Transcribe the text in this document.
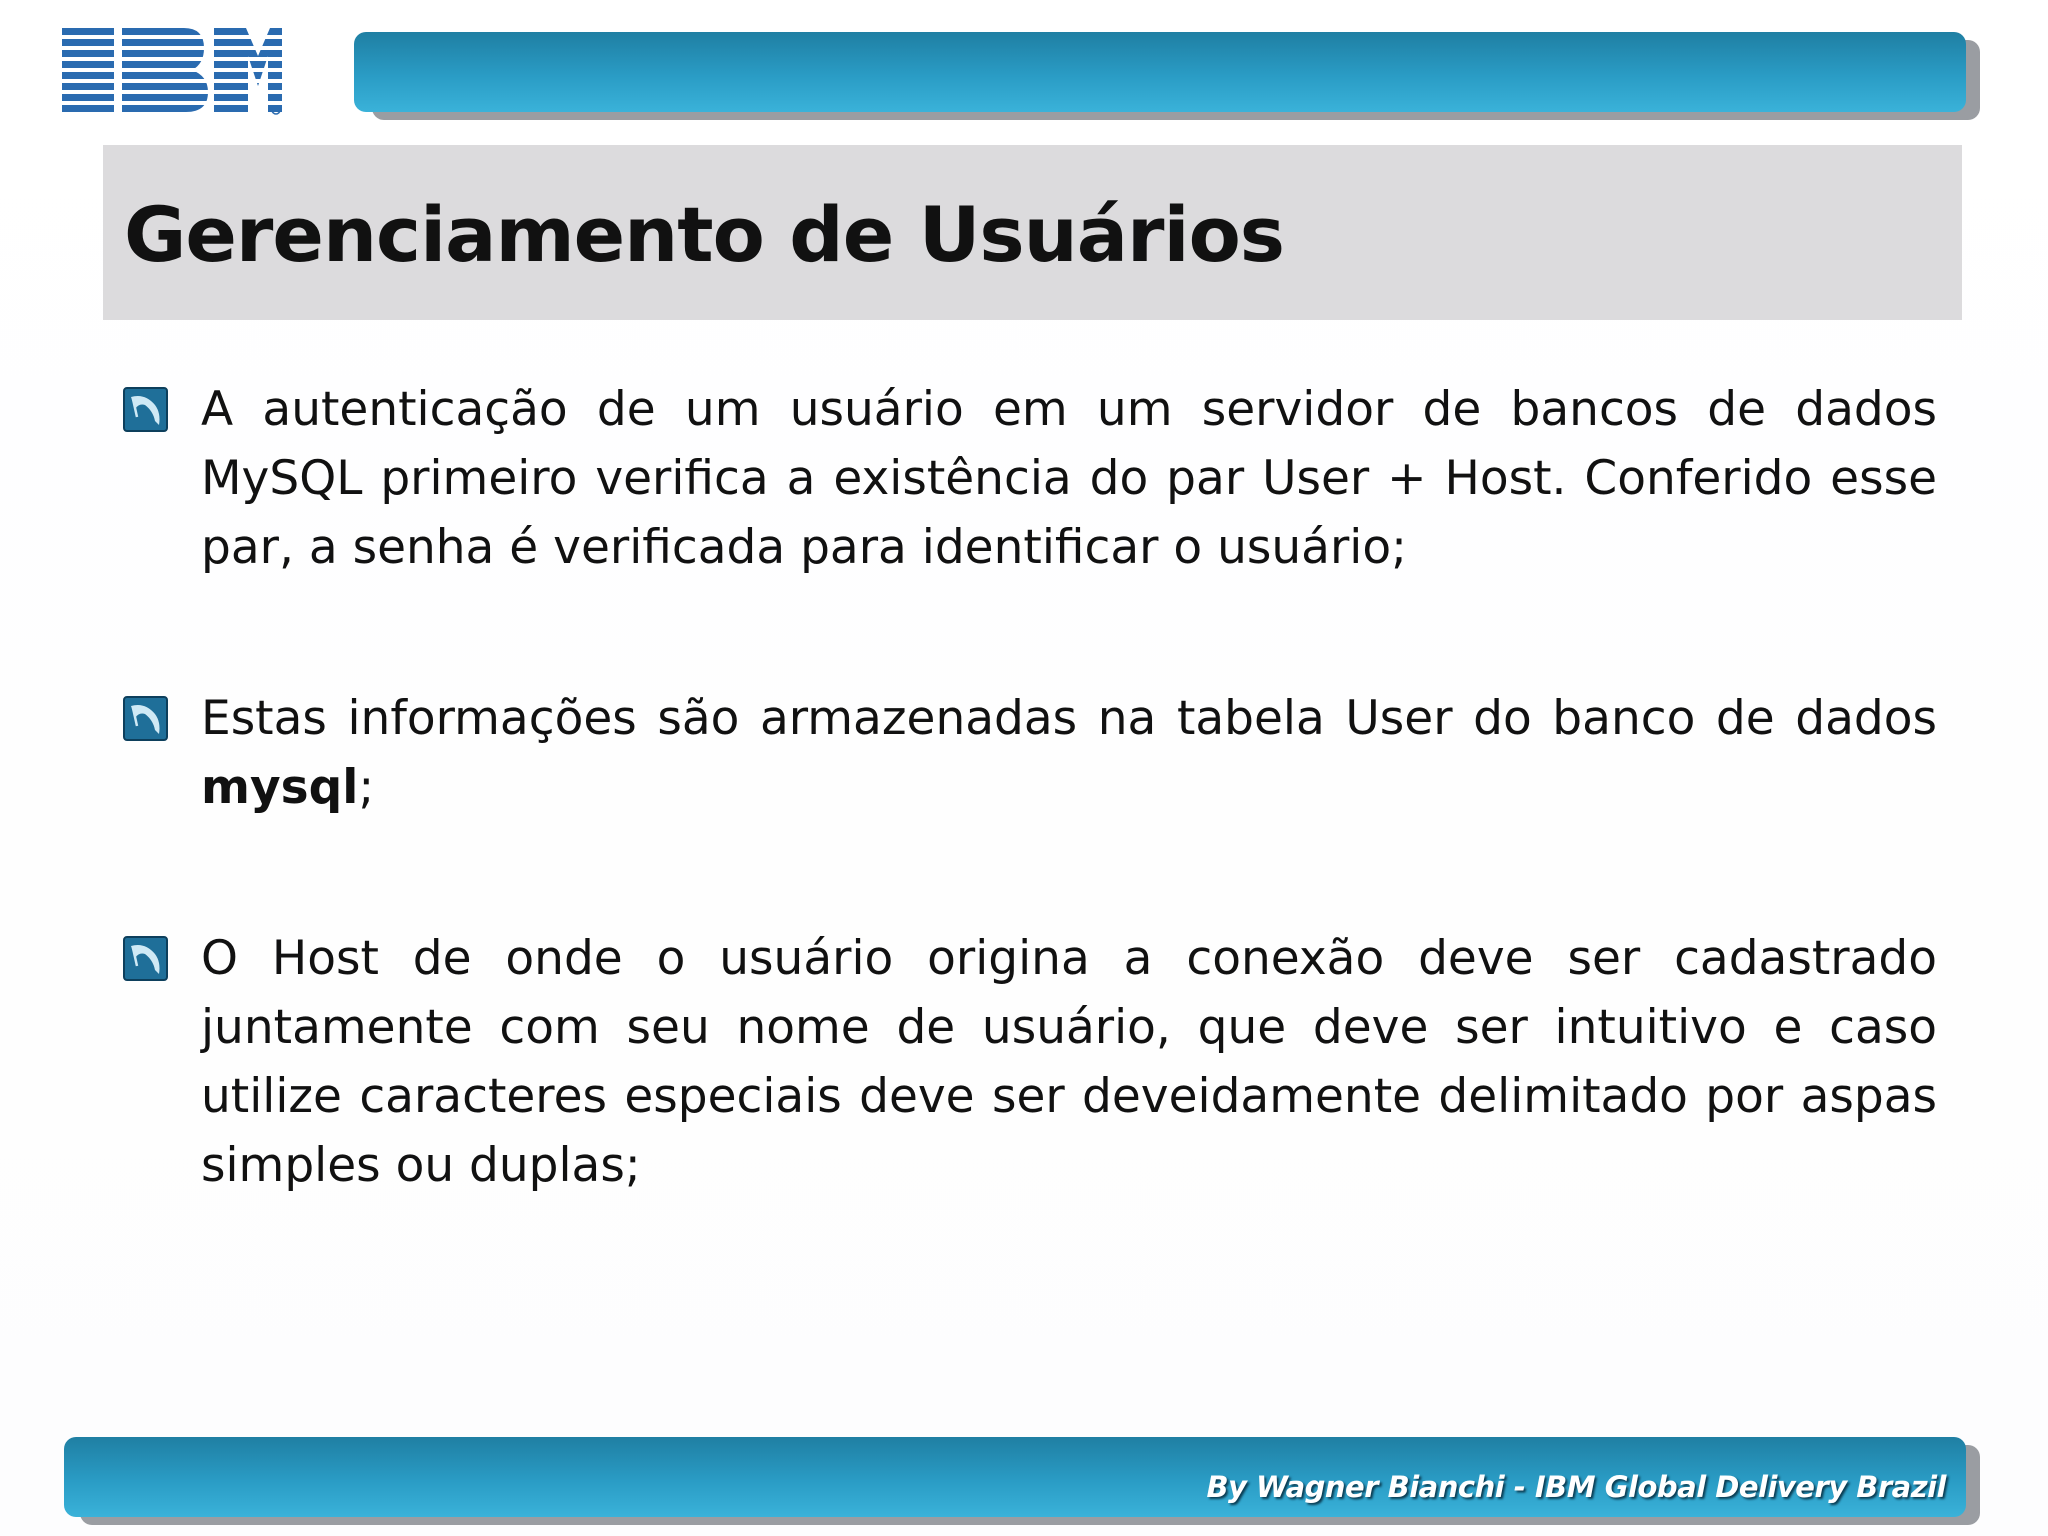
Gerenciamento de Usuários

A autenticação de um usuário em um servidor de bancos de dados MySQL primeiro verifica a existência do par User + Host. Conferido esse par, a senha é verificada para identificar o usuário;

Estas informações são armazenadas na tabela User do banco de dados mysql;

O Host de onde o usuário origina a conexão deve ser cadastrado juntamente com seu nome de usuário, que deve ser intuitivo e caso utilize caracteres especiais deve ser deveidamente delimitado por aspas simples ou duplas;

By Wagner Bianchi - IBM Global Delivery Brazil
